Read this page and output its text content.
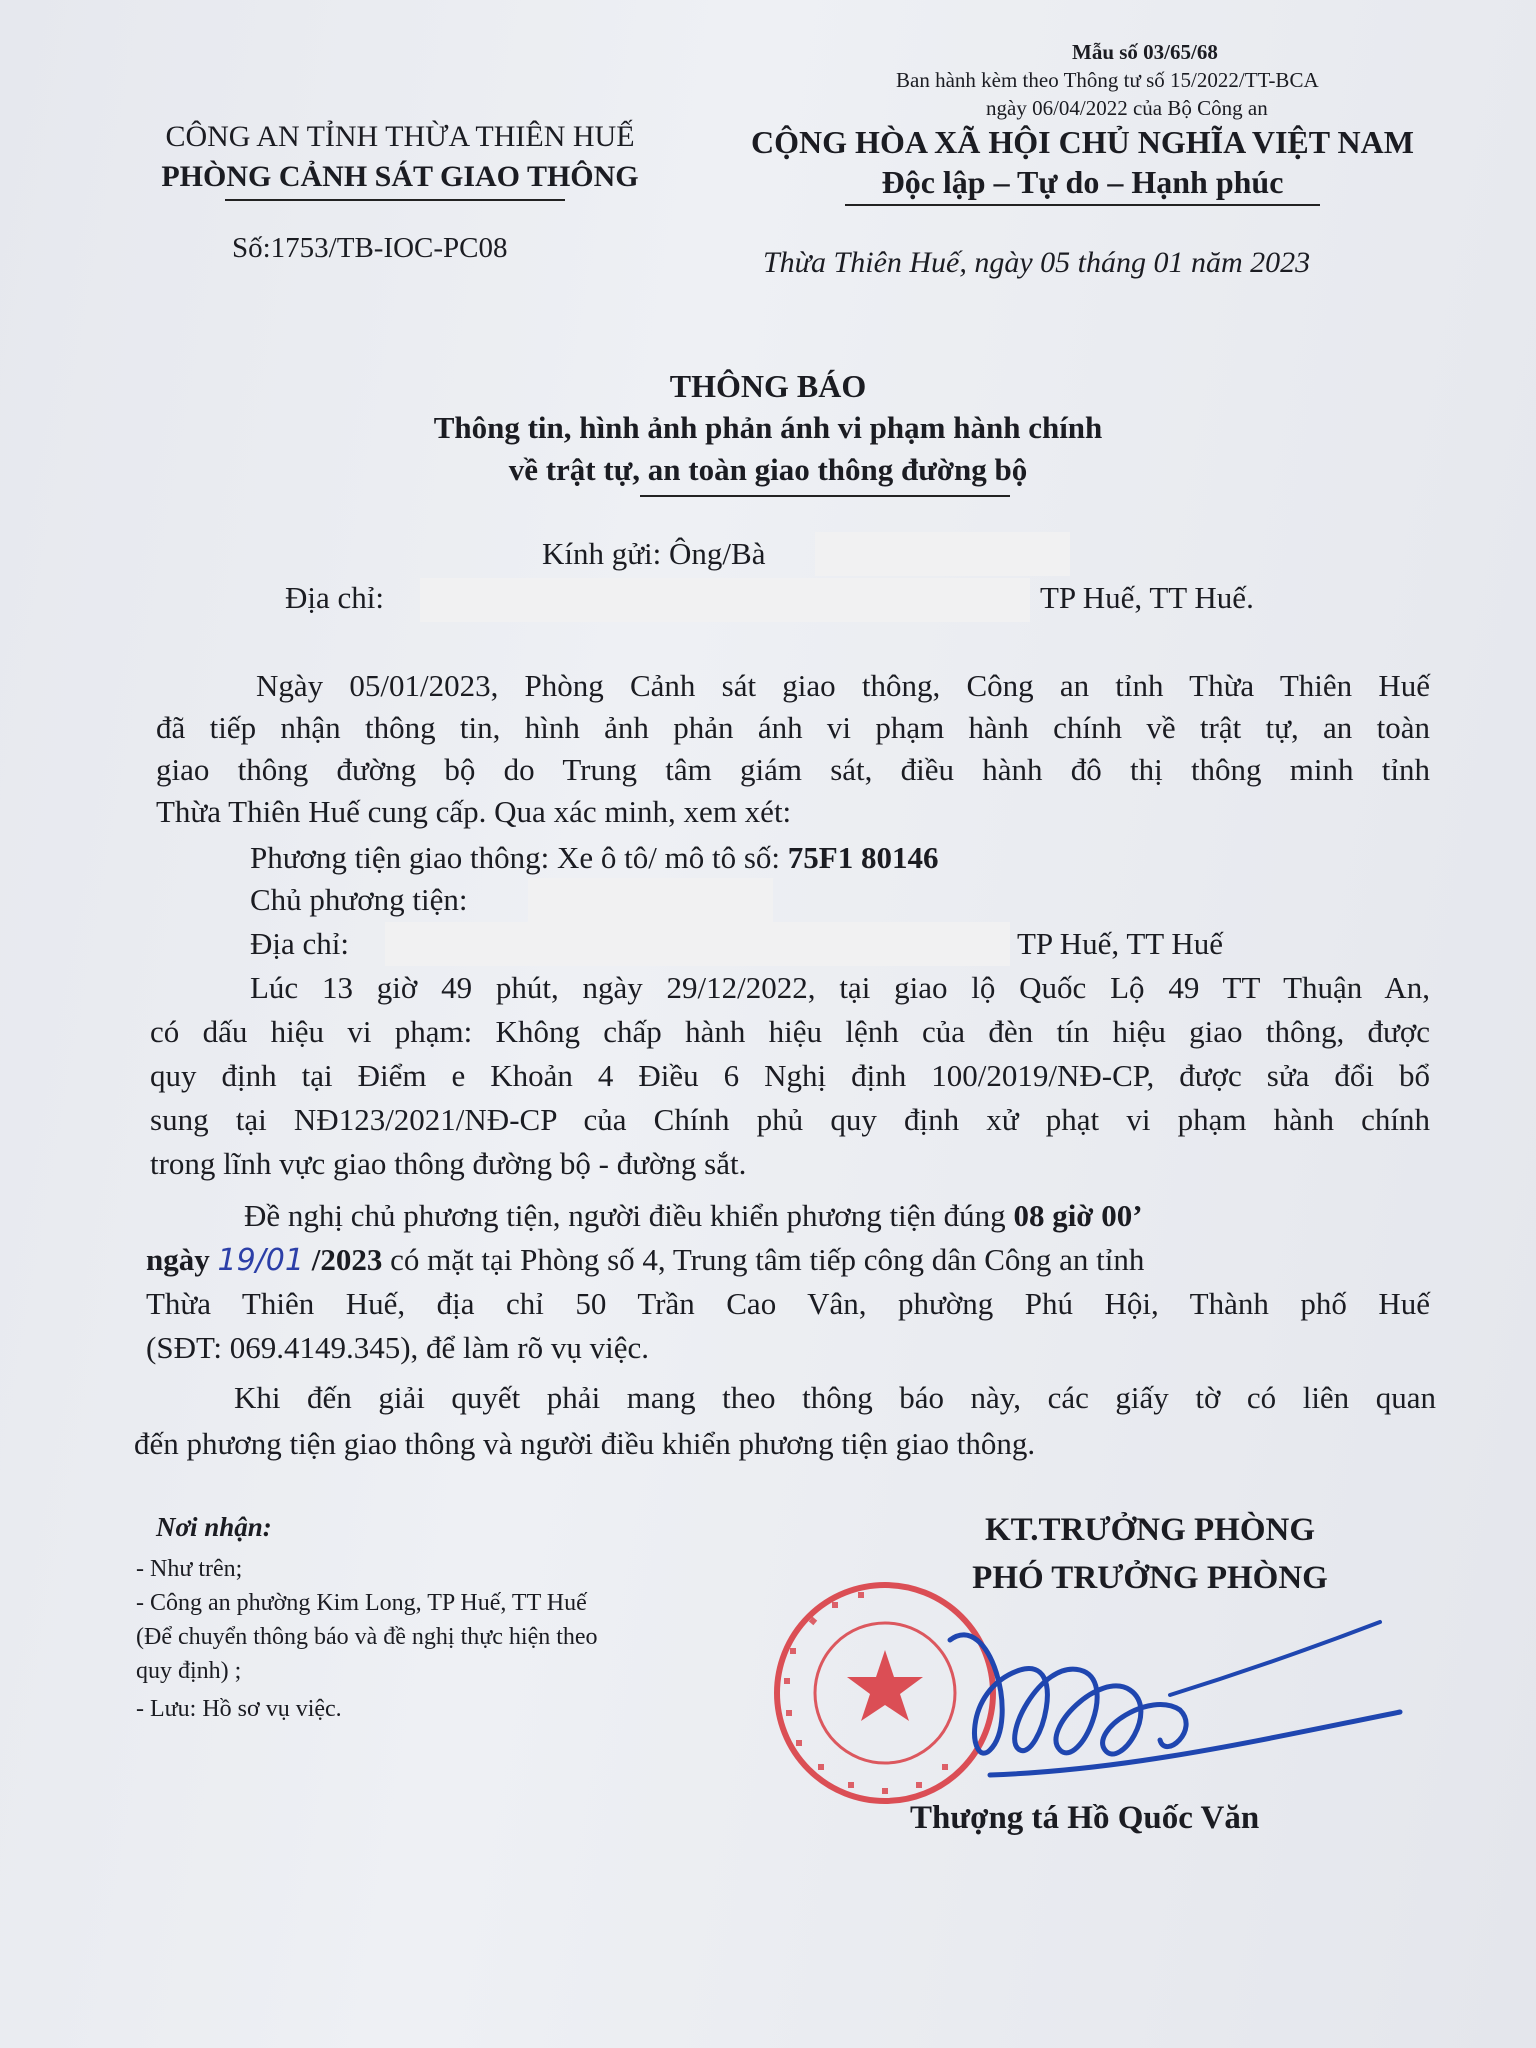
Mẫu số 03/65/68
Ban hành kèm theo Thông tư số 15/2022/TT-BCA
ngày 06/04/2022 của Bộ Công an
CÔNG AN TỈNH THỪA THIÊN HUẾ
PHÒNG CẢNH SÁT GIAO THÔNG
Số:1753/TB-IOC-PC08
CỘNG HÒA XÃ HỘI CHỦ NGHĨA VIỆT NAM
Độc lập – Tự do – Hạnh phúc
Thừa Thiên Huế, ngày 05 tháng 01 năm 2023
THÔNG BÁO
Thông tin, hình ảnh phản ánh vi phạm hành chính
về trật tự, an toàn giao thông đường bộ
Kính gửi: Ông/Bà
Địa chỉ:	TP Huế, TT Huế.
Ngày 05/01/2023, Phòng Cảnh sát giao thông, Công an tỉnh Thừa Thiên Huế
đã tiếp nhận thông tin, hình ảnh phản ánh vi phạm hành chính về trật tự, an toàn
giao thông đường bộ do Trung tâm giám sát, điều hành đô thị thông minh tỉnh
Thừa Thiên Huế cung cấp. Qua xác minh, xem xét:
Phương tiện giao thông: Xe ô tô/ mô tô số: 75F1 80146
Chủ phương tiện:
Địa chỉ:	TP Huế, TT Huế
Lúc 13 giờ 49 phút, ngày 29/12/2022, tại giao lộ Quốc Lộ 49 TT Thuận An,
có dấu hiệu vi phạm: Không chấp hành hiệu lệnh của đèn tín hiệu giao thông, được
quy định tại Điểm e Khoản 4 Điều 6 Nghị định 100/2019/NĐ-CP, được sửa đổi bổ
sung tại NĐ123/2021/NĐ-CP của Chính phủ quy định xử phạt vi phạm hành chính
trong lĩnh vực giao thông đường bộ - đường sắt.
Đề nghị chủ phương tiện, người điều khiển phương tiện đúng 08 giờ 00’
ngày 19/01 /2023 có mặt tại Phòng số 4, Trung tâm tiếp công dân Công an tỉnh
Thừa Thiên Huế, địa chỉ 50 Trần Cao Vân, phường Phú Hội, Thành phố Huế
(SĐT: 069.4149.345), để làm rõ vụ việc.
Khi đến giải quyết phải mang theo thông báo này, các giấy tờ có liên quan
đến phương tiện giao thông và người điều khiển phương tiện giao thông.
Nơi nhận:
- Như trên;
- Công an phường Kim Long, TP Huế, TT Huế
(Để chuyển thông báo và đề nghị thực hiện theo
quy định) ;
- Lưu: Hồ sơ vụ việc.
KT.TRƯỞNG PHÒNG
PHÓ TRƯỞNG PHÒNG
Thượng tá Hồ Quốc Văn
